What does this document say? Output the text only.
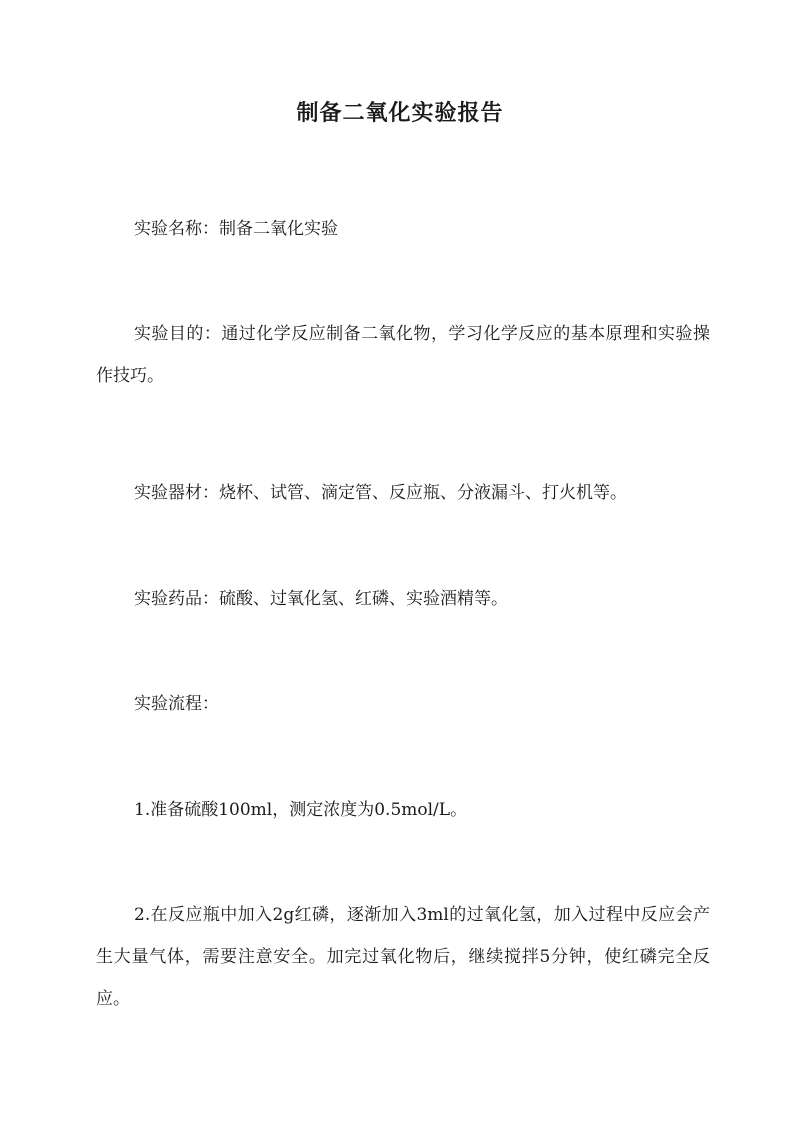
制备二氧化实验报告

实验名称：制备二氧化实验

实验目的：通过化学反应制备二氧化物，学习化学反应的基本原理和实验操作技巧。

实验器材：烧杯、试管、滴定管、反应瓶、分液漏斗、打火机等。

实验药品：硫酸、过氧化氢、红磷、实验酒精等。

实验流程：

1.准备硫酸100ml，测定浓度为0.5mol/L。

2.在反应瓶中加入2g红磷，逐渐加入3ml的过氧化氢，加入过程中反应会产生大量气体，需要注意安全。加完过氧化物后，继续搅拌5分钟，使红磷完全反应。
